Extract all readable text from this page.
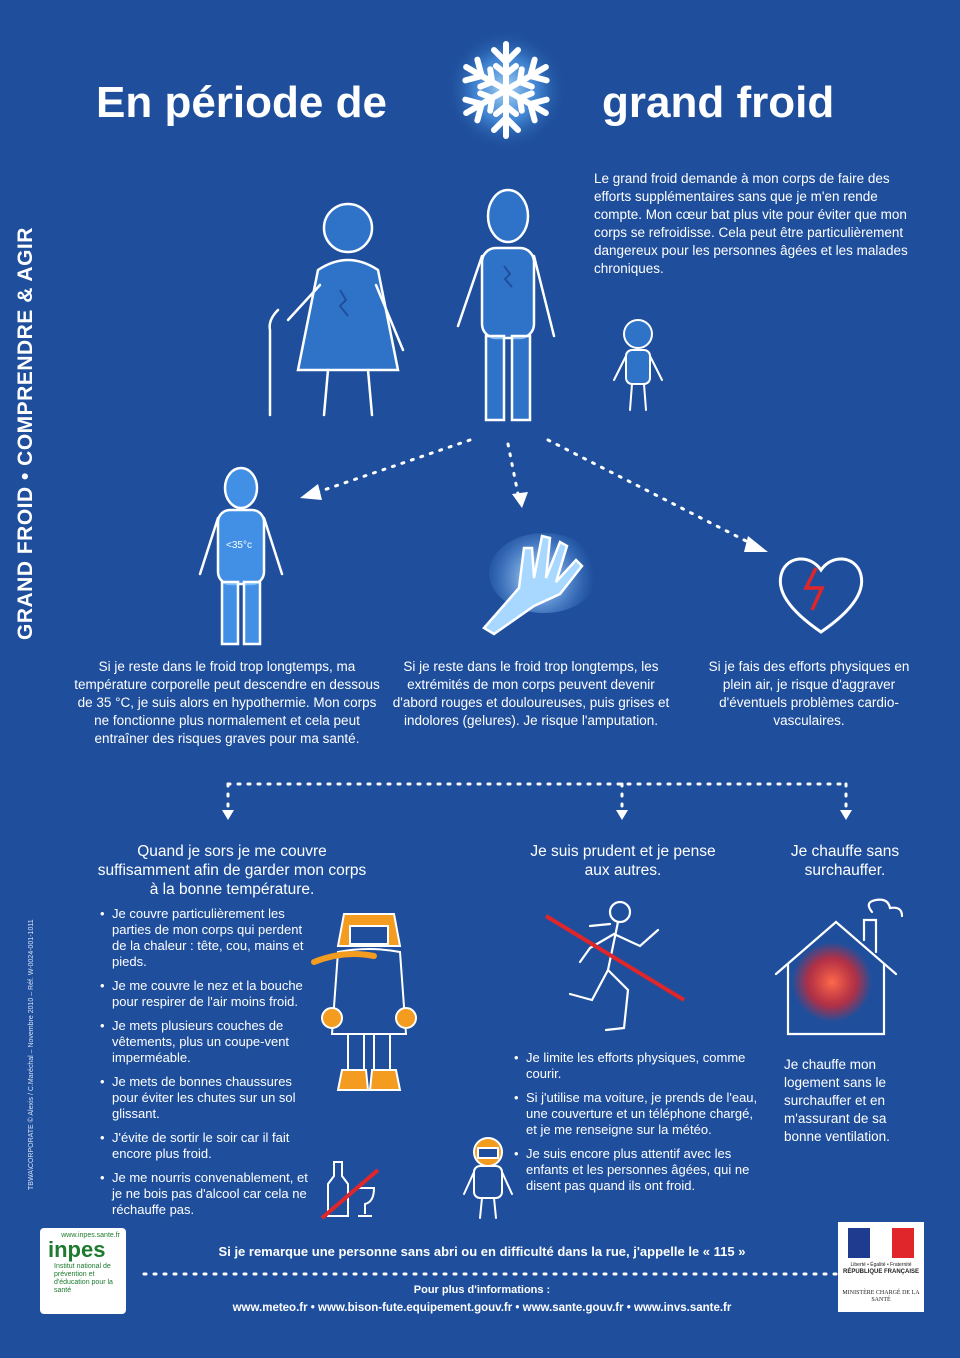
En période de	grand froid
GRAND FROID • COMPRENDRE & AGIR
TBWA\CORPORATE © Alexis / C.Maréchal – Novembre 2010 – Réf. W-0024-001-1011
Le grand froid demande à mon corps de faire des efforts supplémentaires sans que je m'en rende compte. Mon cœur bat plus vite pour éviter que mon corps se refroidisse. Cela peut être particulièrement dangereux pour les personnes âgées et les malades chroniques.
<35°c
Si je reste dans le froid trop longtemps, ma température corporelle peut descendre en dessous de 35 °C, je suis alors en hypothermie. Mon corps ne fonctionne plus normalement et cela peut entraîner des risques graves pour ma santé.
Si je reste dans le froid trop longtemps, les extrémités de mon corps peuvent devenir d'abord rouges et douloureuses, puis grises et indolores (gelures). Je risque l'amputation.
Si je fais des efforts physiques en plein air, je risque d'aggraver d'éventuels problèmes cardio-vasculaires.
Quand je sors je me couvre suffisamment afin de garder mon corps à la bonne température.
• Je couvre particulièrement les parties de mon corps qui perdent de la chaleur : tête, cou, mains et pieds.
• Je me couvre le nez et la bouche pour respirer de l'air moins froid.
• Je mets plusieurs couches de vêtements, plus un coupe-vent imperméable.
• Je mets de bonnes chaussures pour éviter les chutes sur un sol glissant.
• J'évite de sortir le soir car il fait encore plus froid.
• Je me nourris convenablement, et je ne bois pas d'alcool car cela ne réchauffe pas.
Je suis prudent et je pense aux autres.
• Je limite les efforts physiques, comme courir.
• Si j'utilise ma voiture, je prends de l'eau, une couverture et un téléphone chargé, et je me renseigne sur la météo.
• Je suis encore plus attentif avec les enfants et les personnes âgées, qui ne disent pas quand ils ont froid.
Je chauffe sans surchauffer.
Je chauffe mon logement sans le surchauffer et en m'assurant de sa bonne ventilation.
www.inpes.sante.fr
inpes
Institut national de prévention et d'éducation pour la santé
Si je remarque une personne sans abri ou en difficulté dans la rue, j'appelle le « 115 »
Pour plus d'informations :
www.meteo.fr • www.bison-fute.equipement.gouv.fr • www.sante.gouv.fr • www.invs.sante.fr
Liberté • Égalité • Fraternité
RÉPUBLIQUE FRANÇAISE
MINISTÈRE CHARGÉ DE LA SANTÉ
